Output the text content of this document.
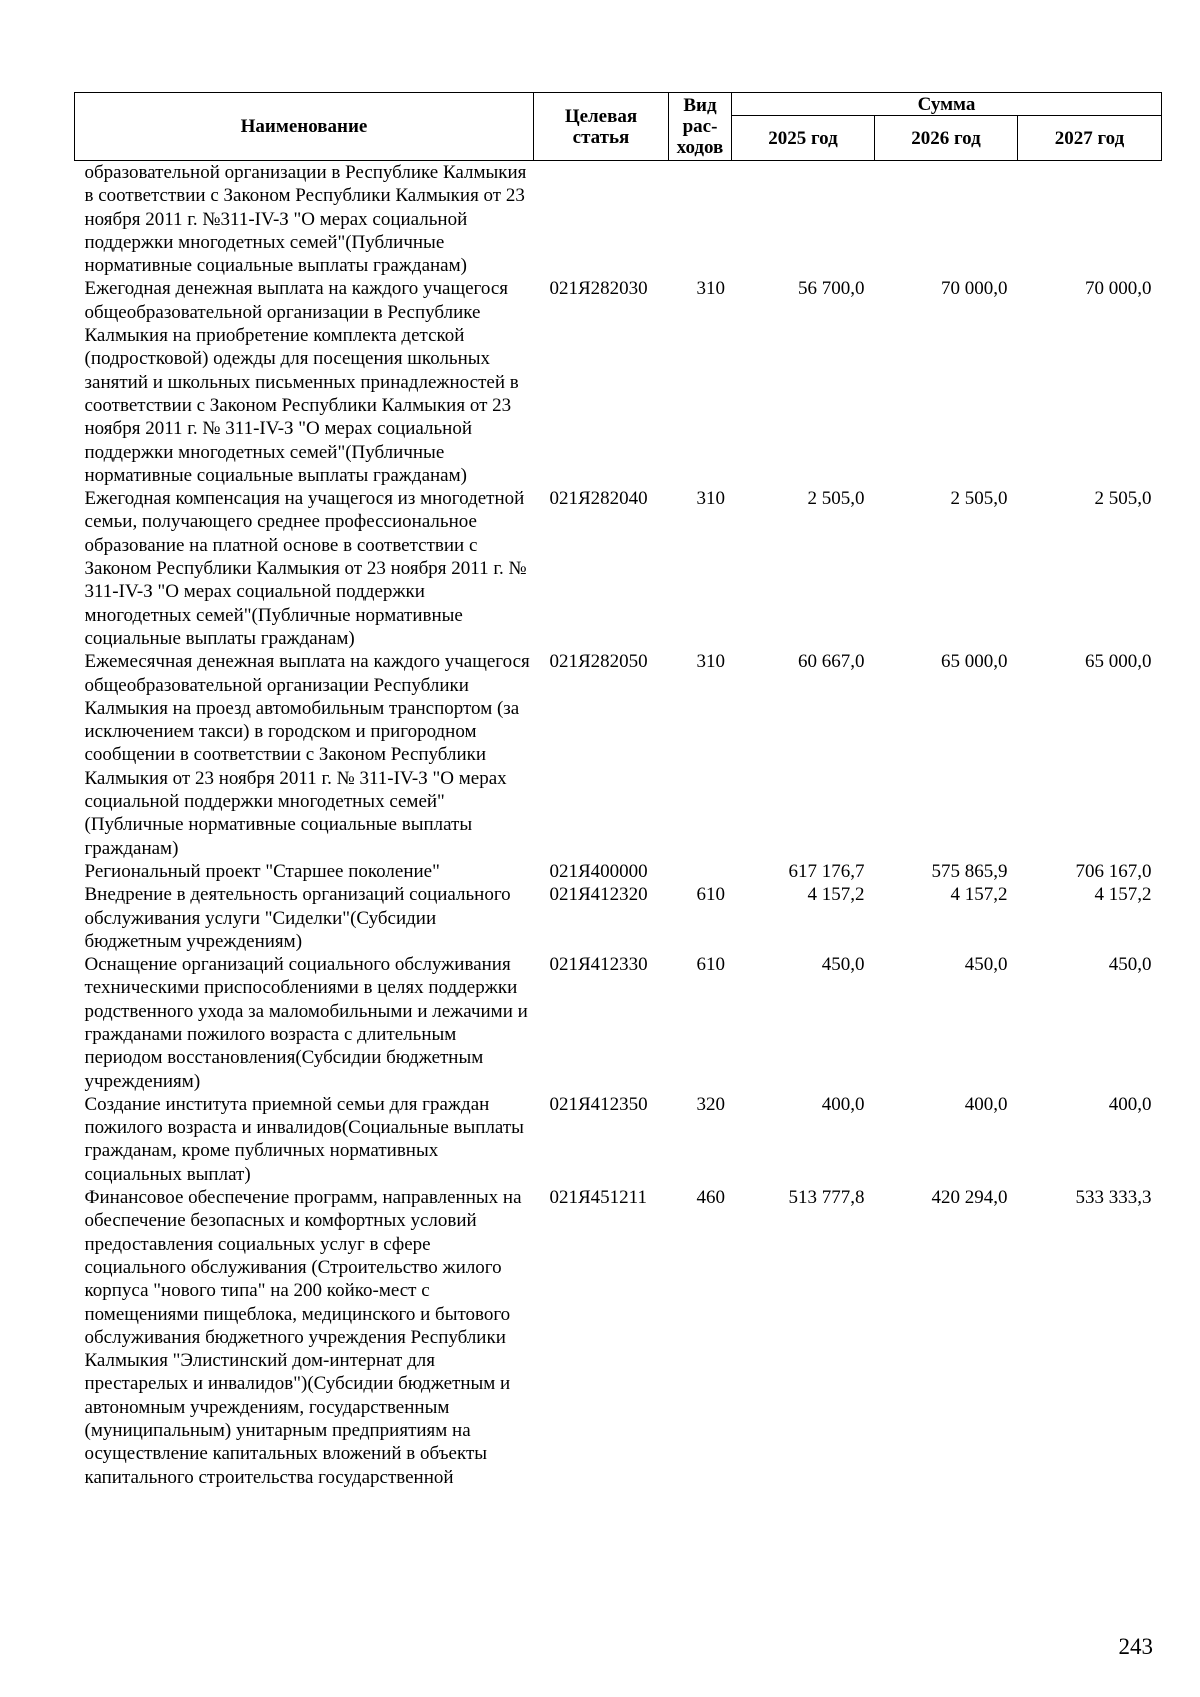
Наименование	Целевая статья	Вид рас-ходов	Сумма		
			2025 год	2026 год	2027 год
образовательной организации в Республике Калмыкия в соответствии с Законом Республики Калмыкия от 23 ноября 2011 г. №311-IV-З "О мерах социальной поддержки многодетных семей"(Публичные нормативные социальные выплаты гражданам)					
Ежегодная денежная выплата на каждого учащегося общеобразовательной организации в Республике Калмыкия на приобретение комплекта детской (подростковой) одежды для посещения школьных занятий и школьных письменных принадлежностей в соответствии с Законом Республики Калмыкия от 23 ноября 2011 г. № 311-IV-З "О мерах социальной поддержки многодетных семей"(Публичные нормативные социальные выплаты гражданам)	021Я282030	310	56 700,0	70 000,0	70 000,0
Ежегодная компенсация на учащегося из многодетной семьи, получающего среднее профессиональное образование на платной основе в соответствии с Законом Республики Калмыкия от 23 ноября 2011 г. № 311-IV-З "О мерах социальной поддержки многодетных семей"(Публичные нормативные социальные выплаты гражданам)	021Я282040	310	2 505,0	2 505,0	2 505,0
Ежемесячная денежная выплата на каждого учащегося общеобразовательной организации Республики Калмыкия на проезд автомобильным транспортом (за исключением такси) в городском и пригородном сообщении в соответствии с Законом Республики Калмыкия от 23 ноября 2011 г. № 311-IV-З "О мерах социальной поддержки многодетных семей"(Публичные нормативные социальные выплаты гражданам)	021Я282050	310	60 667,0	65 000,0	65 000,0
Региональный проект "Старшее поколение"	021Я400000		617 176,7	575 865,9	706 167,0
Внедрение в деятельность организаций социального обслуживания услуги "Сиделки"(Субсидии бюджетным учреждениям)	021Я412320	610	4 157,2	4 157,2	4 157,2
Оснащение организаций социального обслуживания техническими приспособлениями в целях поддержки родственного ухода за маломобильными и лежачими и гражданами пожилого возраста с длительным периодом восстановления(Субсидии бюджетным учреждениям)	021Я412330	610	450,0	450,0	450,0
Создание института приемной семьи для граждан пожилого возраста и инвалидов(Социальные выплаты гражданам, кроме публичных нормативных социальных выплат)	021Я412350	320	400,0	400,0	400,0
Финансовое обеспечение программ, направленных на обеспечение безопасных и комфортных условий предоставления социальных услуг в сфере социального обслуживания (Строительство жилого корпуса "нового типа" на 200 койко-мест с помещениями пищеблока, медицинского и бытового обслуживания бюджетного учреждения Республики Калмыкия "Элистинский дом-интернат для престарелых и инвалидов")(Субсидии бюджетным и автономным учреждениям, государственным (муниципальным) унитарным предприятиям на осуществление капитальных вложений в объекты капитального строительства государственной	021Я451211	460	513 777,8	420 294,0	533 333,3
243
